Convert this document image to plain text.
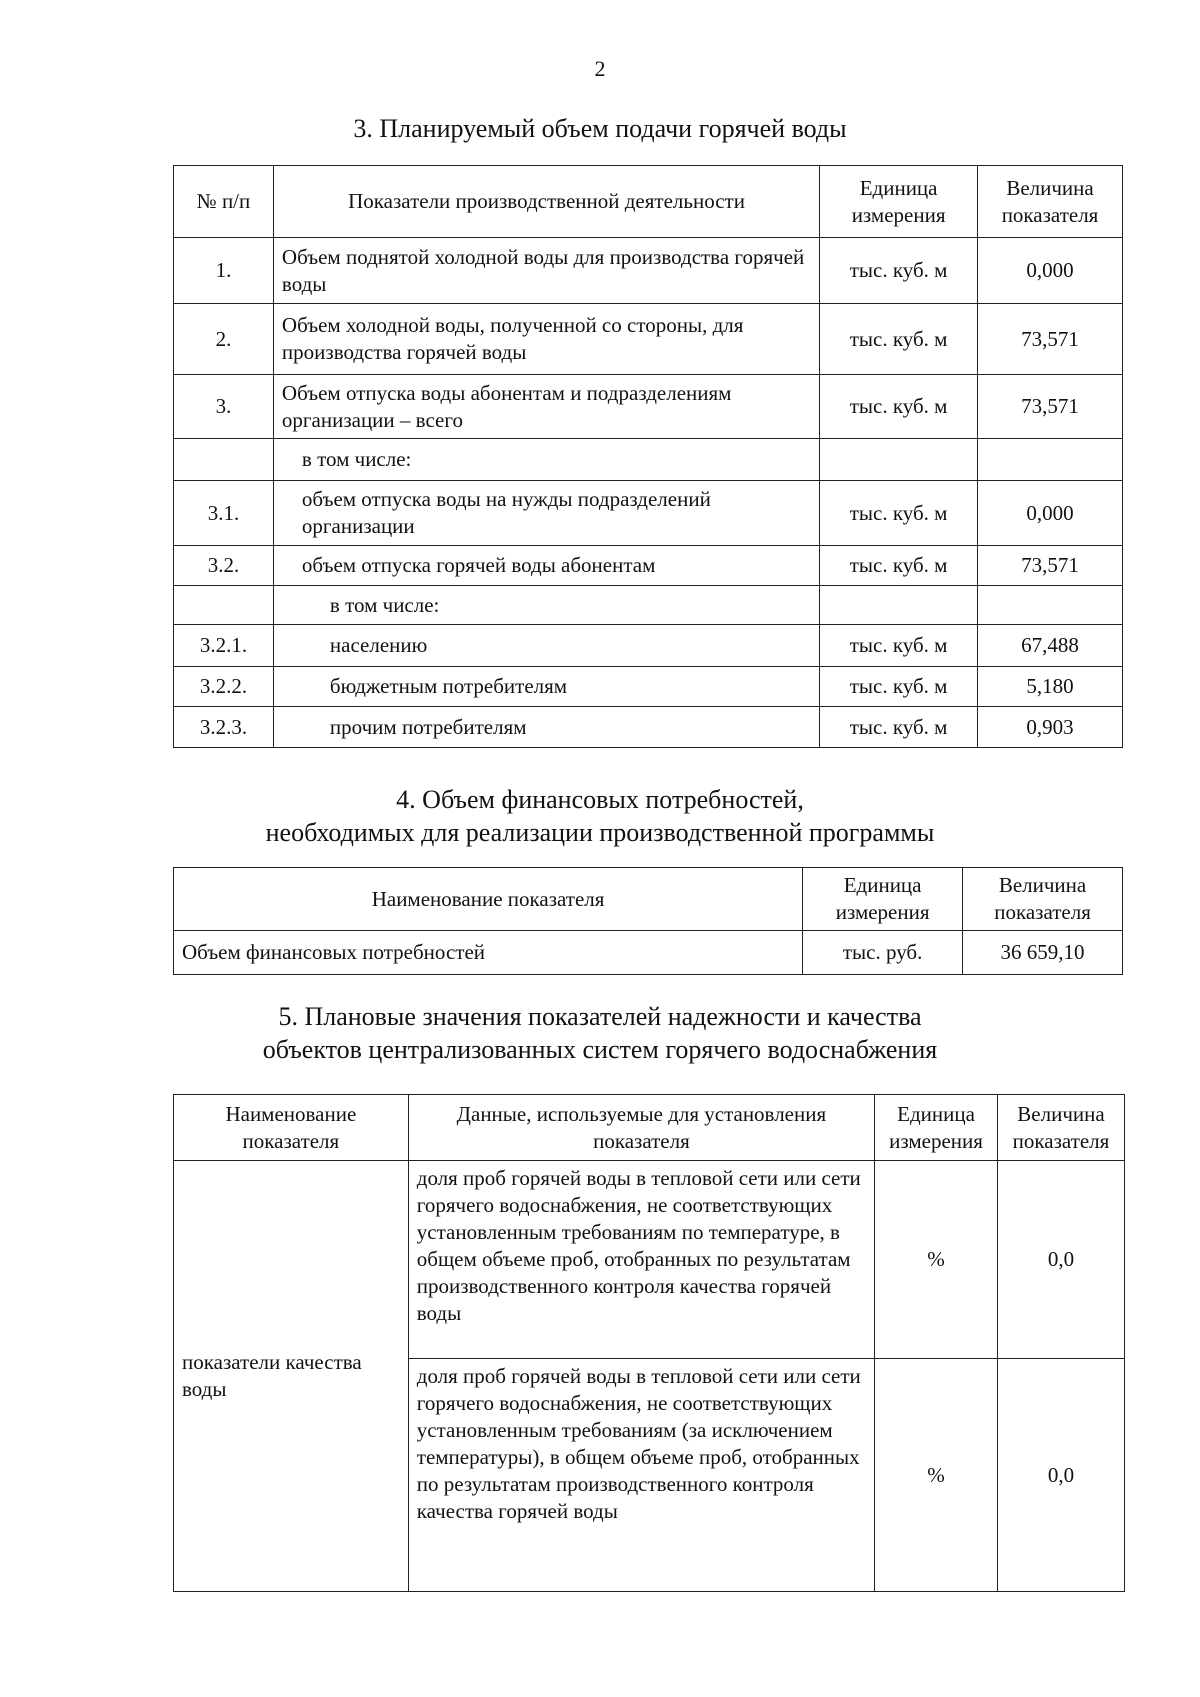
2
3. Планируемый объем подачи горячей воды
№ п/п	Показатели производственной деятельности	Единица измерения	Величина показателя
1.	Объем поднятой холодной воды для производства горячей воды	тыс. куб. м	0,000
2.	Объем холодной воды, полученной со стороны, для производства горячей воды	тыс. куб. м	73,571
3.	Объем отпуска воды абонентам и подразделениям организации – всего	тыс. куб. м	73,571
	в том числе:		
3.1.	объем отпуска воды на нужды подразделений организации	тыс. куб. м	0,000
3.2.	объем отпуска горячей воды абонентам	тыс. куб. м	73,571
	в том числе:		
3.2.1.	населению	тыс. куб. м	67,488
3.2.2.	бюджетным потребителям	тыс. куб. м	5,180
3.2.3.	прочим потребителям	тыс. куб. м	0,903
4. Объем финансовых потребностей,
необходимых для реализации производственной программы
Наименование показателя	Единица измерения	Величина показателя
Объем финансовых потребностей	тыс. руб.	36 659,10
5. Плановые значения показателей надежности и качества
объектов централизованных систем горячего водоснабжения
Наименование показателя	Данные, используемые для установления показателя	Единица измерения	Величина показателя
показатели качества воды	доля проб горячей воды в тепловой сети или сети горячего водоснабжения, не соответствующих установленным требованиям по температуре, в общем объеме проб, отобранных по результатам производственного контроля качества горячей воды	%	0,0
	доля проб горячей воды в тепловой сети или сети горячего водоснабжения, не соответствующих установленным требованиям (за исключением температуры), в общем объеме проб, отобранных по результатам производственного контроля качества горячей воды	%	0,0
